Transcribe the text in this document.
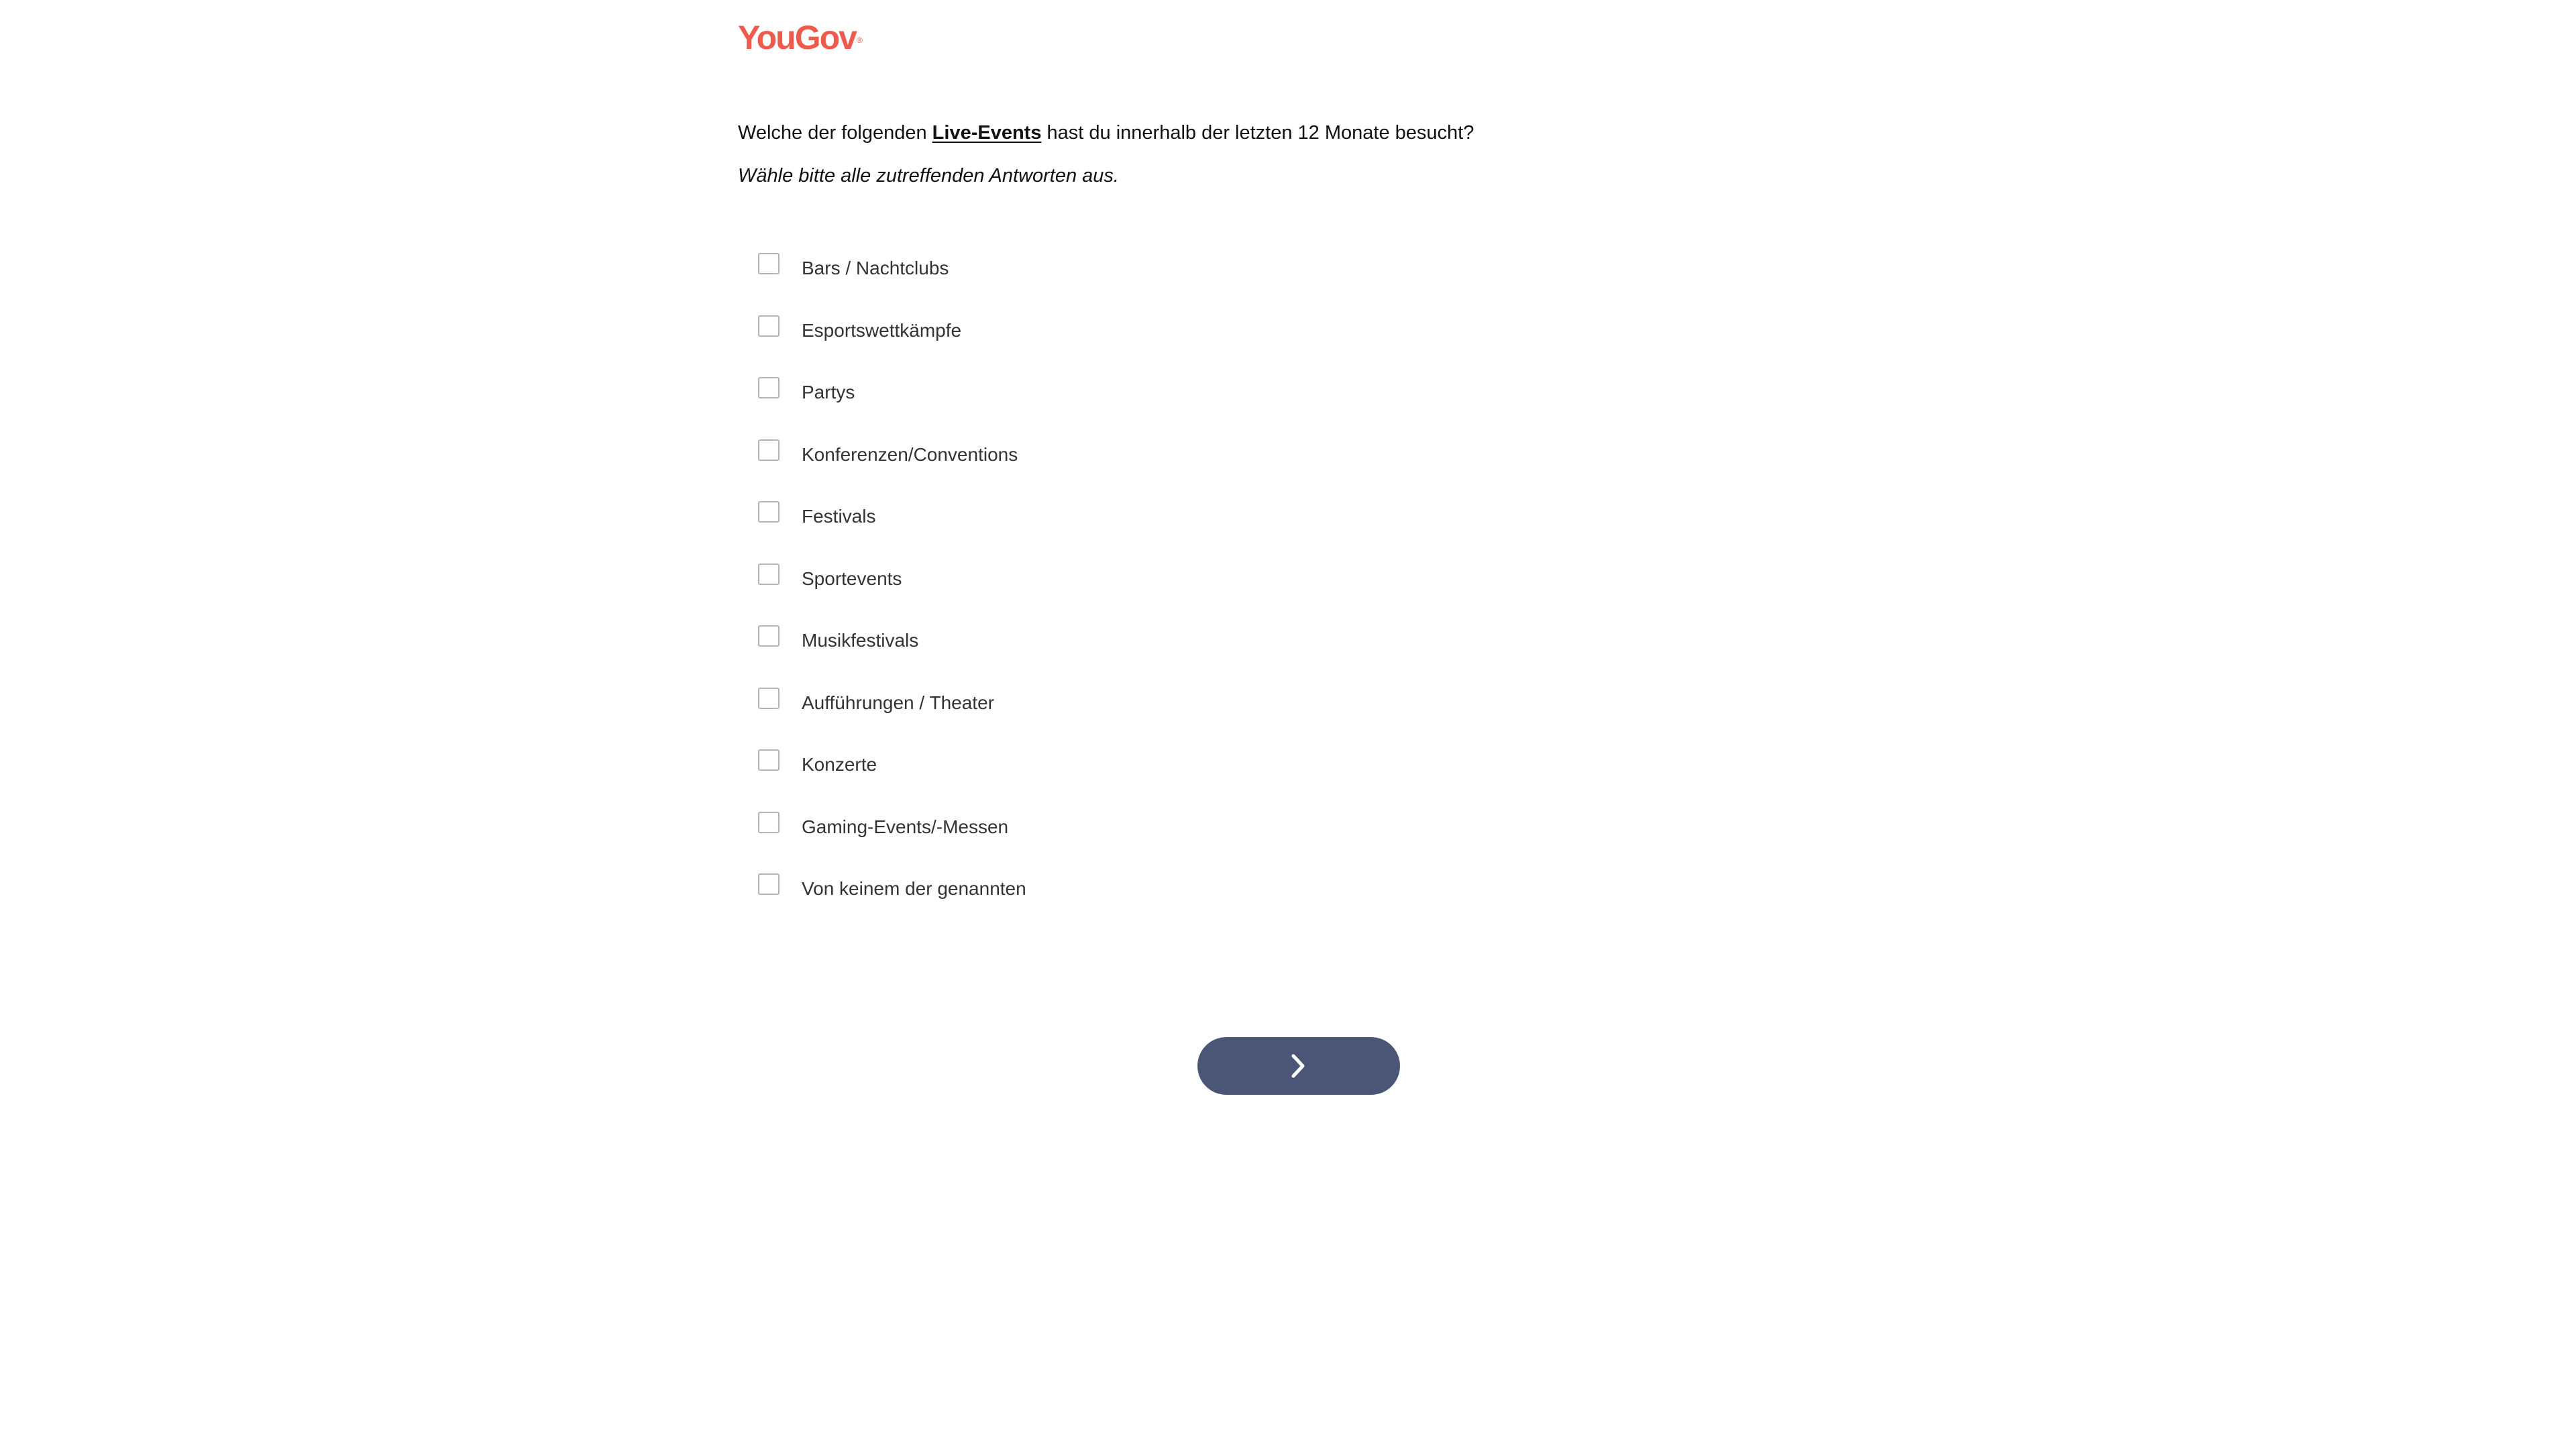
YouGov®
Welche der folgenden Live-Events hast du innerhalb der letzten 12 Monate besucht?
Wähle bitte alle zutreffenden Antworten aus.
Bars / Nachtclubs
Esportswettkämpfe
Partys
Konferenzen/Conventions
Festivals
Sportevents
Musikfestivals
Aufführungen / Theater
Konzerte
Gaming-Events/-Messen
Von keinem der genannten
